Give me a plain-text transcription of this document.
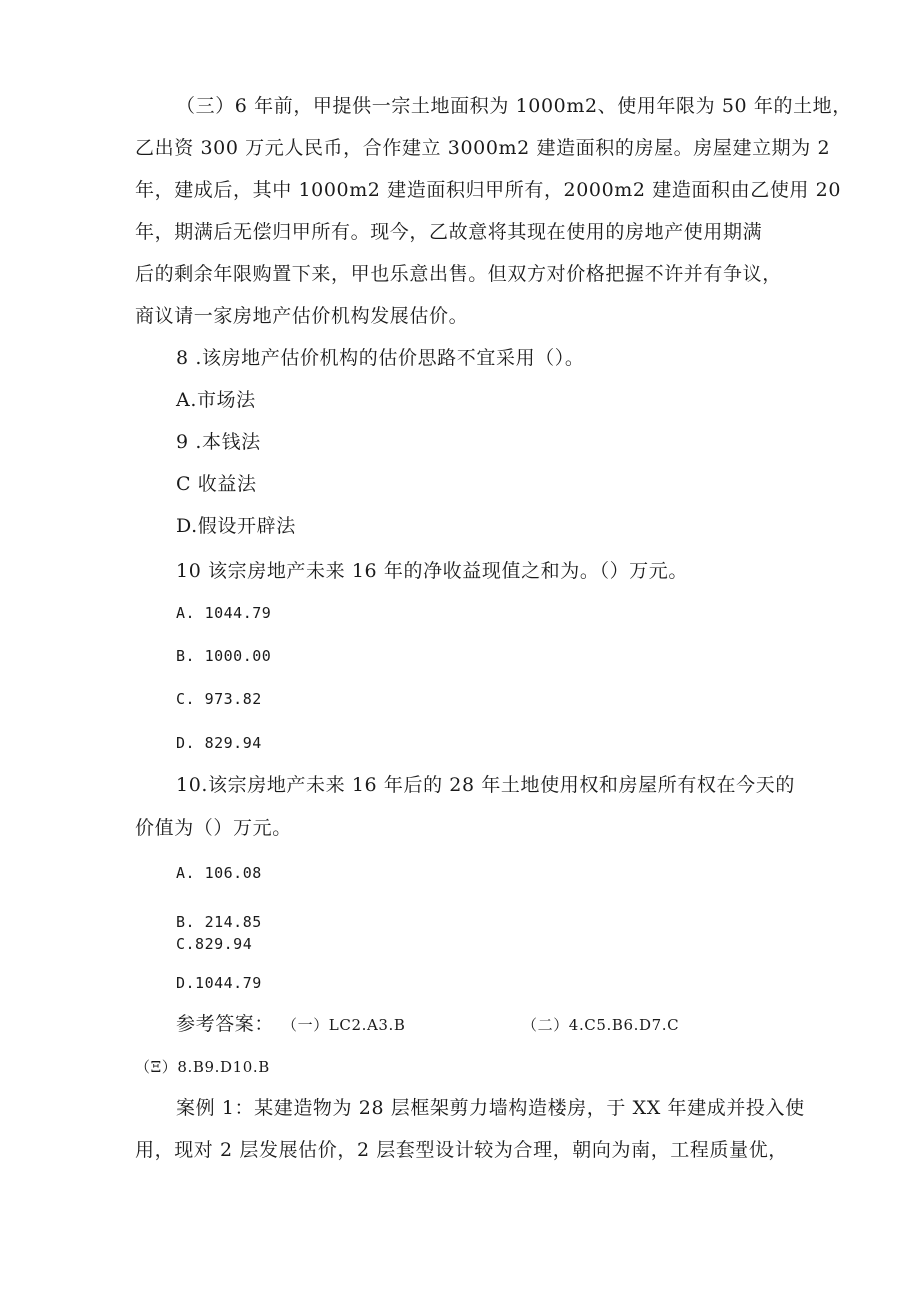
（三）6 年前，甲提供一宗土地面积为 1000m2、使用年限为 50 年的土地，
乙出资 300 万元人民币，合作建立 3000m2 建造面积的房屋。房屋建立期为 2
年，建成后，其中 1000m2 建造面积归甲所有，2000m2 建造面积由乙使用 20
年，期满后无偿归甲所有。现今，乙故意将其现在使用的房地产使用期满
后的剩余年限购置下来，甲也乐意出售。但双方对价格把握不许并有争议，
商议请一家房地产估价机构发展估价。
8 .该房地产估价机构的估价思路不宜采用（）。
A.市场法
9 .本钱法
C 收益法
D.假设开辟法
10 该宗房地产未来 16 年的净收益现值之和为。（）万元。
A. 1044.79
B. 1000.00
C. 973.82
D. 829.94
10.该宗房地产未来 16 年后的 28 年土地使用权和房屋所有权在今天的
价值为（）万元。
A. 106.08
B. 214.85
C.829.94
D.1044.79
参考答案： （一）LC2.A3.B	（二）4.C5.B6.D7.C
（Ξ）8.B9.D10.B
案例 1：某建造物为 28 层框架剪力墙构造楼房，于 XX 年建成并投入使
用，现对 2 层发展估价，2 层套型设计较为合理，朝向为南，工程质量优，
